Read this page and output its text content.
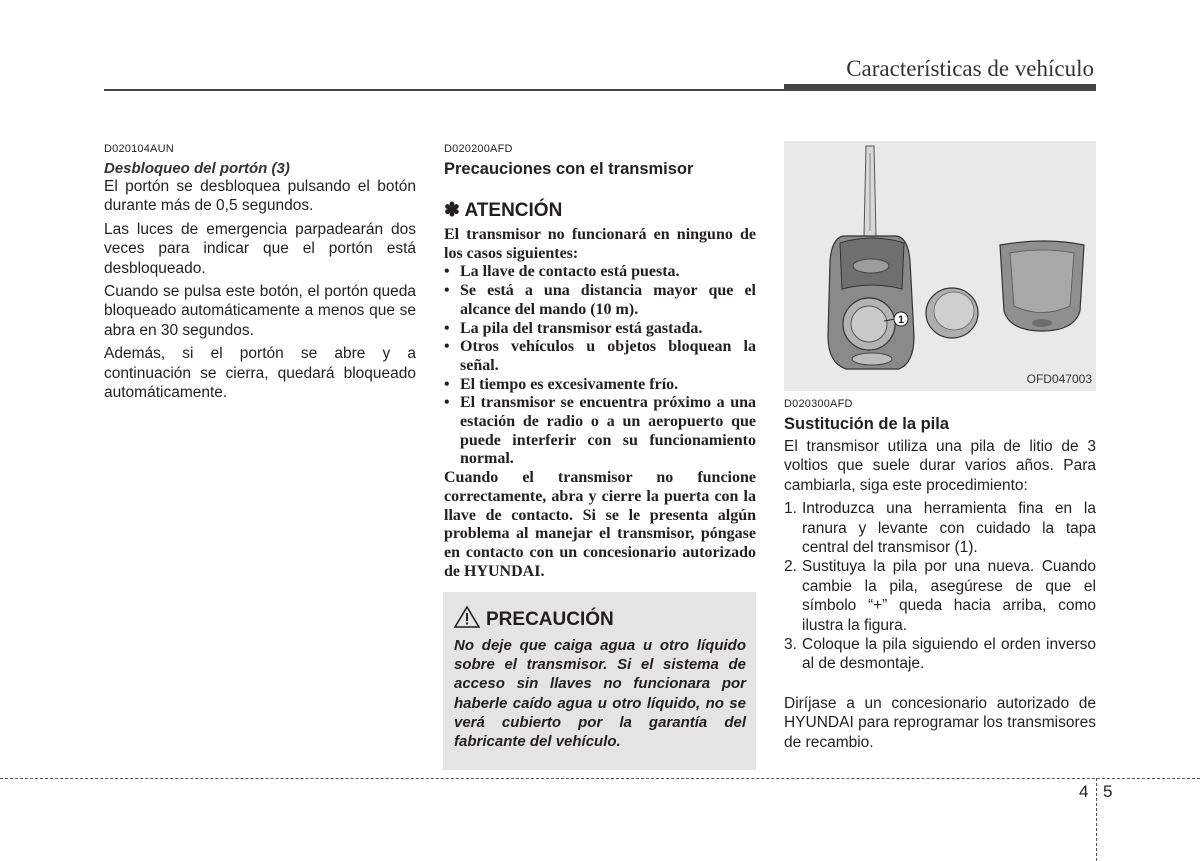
Características de vehículo
D020104AUN
Desbloqueo del portón (3)

El portón se desbloquea pulsando el botón durante más de 0,5 segundos.

Las luces de emergencia parpadearán dos veces para indicar que el portón está desbloqueado.

Cuando se pulsa este botón, el portón queda bloqueado automáticamente a menos que se abra en 30 segundos.

Además, si el portón se abre y a continuación se cierra, quedará bloqueado automáticamente.

D020200AFD
Precauciones con el transmisor
✽ ATENCIÓN
El transmisor no funcionará en ninguno de los casos siguientes:
• La llave de contacto está puesta.
• Se está a una distancia mayor que el alcance del mando (10 m).
• La pila del transmisor está gastada.
• Otros vehículos u objetos bloquean la señal.
• El tiempo es excesivamente frío.
• El transmisor se encuentra próximo a una estación de radio o a un aeropuerto que puede interferir con su funcionamiento normal.
Cuando el transmisor no funcione correctamente, abra y cierre la puerta con la llave de contacto. Si se le presenta algún problema al manejar el transmisor, póngase en contacto con un concesionario autorizado de HYUNDAI.
PRECAUCIÓN
No deje que caiga agua u otro líquido sobre el transmisor. Si el sistema de acceso sin llaves no funcionara por haberle caído agua u otro líquido, no se verá cubierto por la garantía del fabricante del vehículo.
1
OFD047003
D020300AFD
Sustitución de la pila

El transmisor utiliza una pila de litio de 3 voltios que suele durar varios años. Para cambiarla, siga este procedimiento:

1. Introduzca una herramienta fina en la ranura y levante con cuidado la tapa central del transmisor (1).
2. Sustituya la pila por una nueva. Cuando cambie la pila, asegúrese de que el símbolo “+” queda hacia arriba, como ilustra la figura.
3. Coloque la pila siguiendo el orden inverso al de desmontaje.

Diríjase a un concesionario autorizado de HYUNDAI para reprogramar los transmisores de recambio.

4 5
